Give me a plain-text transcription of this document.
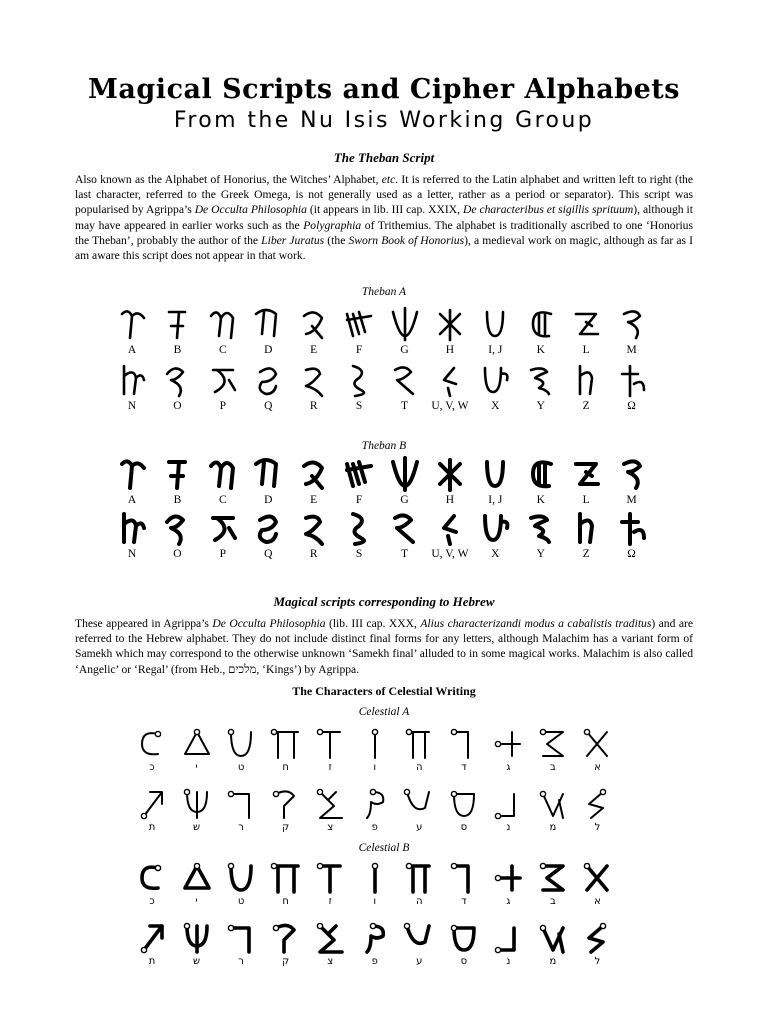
Magical Scripts and Cipher Alphabets
From the Nu Isis Working Group
The Theban Script
Also known as the Alphabet of Honorius, the Witches’ Alphabet, etc. It is referred to the Latin alphabet and written left to right (the last character, referred to the Greek Omega, is not generally used as a letter, rather as a period or separator). This script was popularised by Agrippa’s De Occulta Philosophia (it appears in lib. III cap. XXIX, De characteribus et sigillis sprituum), although it may have appeared in earlier works such as the Polygraphia of Trithemius. The alphabet is traditionally ascribed to one ‘Honorius the Theban’, probably the author of the Liber Juratus (the Sworn Book of Honorius), a medieval work on magic, although as far as I am aware this script does not appear in that work.
Theban A
A	B	C	D	E	F	G	H	I, J	K	L	M
N	O	P	Q	R	S	T	U, V, W	X	Y	Z	Ω
Theban B
A	B	C	D	E	F	G	H	I, J	K	L	M
N	O	P	Q	R	S	T	U, V, W	X	Y	Z	Ω
Magical scripts corresponding to Hebrew
These appeared in Agrippa’s De Occulta Philosophia (lib. III cap. XXX, Alius characterizandi modus a cabalistis traditus) and are referred to the Hebrew alphabet. They do not include distinct final forms for any letters, although Malachim has a variant form of Samekh which may correspond to the otherwise unknown ‘Samekh final’ alluded to in some magical works. Malachim is also called ‘Angelic’ or ‘Regal’ (from Heb., מלכים, ‘Kings’) by Agrippa.
The Characters of Celestial Writing
Celestial A
כ	י	ט	ח	ז	ו	ה	ד	ג	ב	א
ת	ש	ר	ק	צ	פ	ע	ס	נ	מ	ל
Celestial B
כ	י	ט	ח	ז	ו	ה	ד	ג	ב	א
ת	ש	ר	ק	צ	פ	ע	ס	נ	מ	ל
